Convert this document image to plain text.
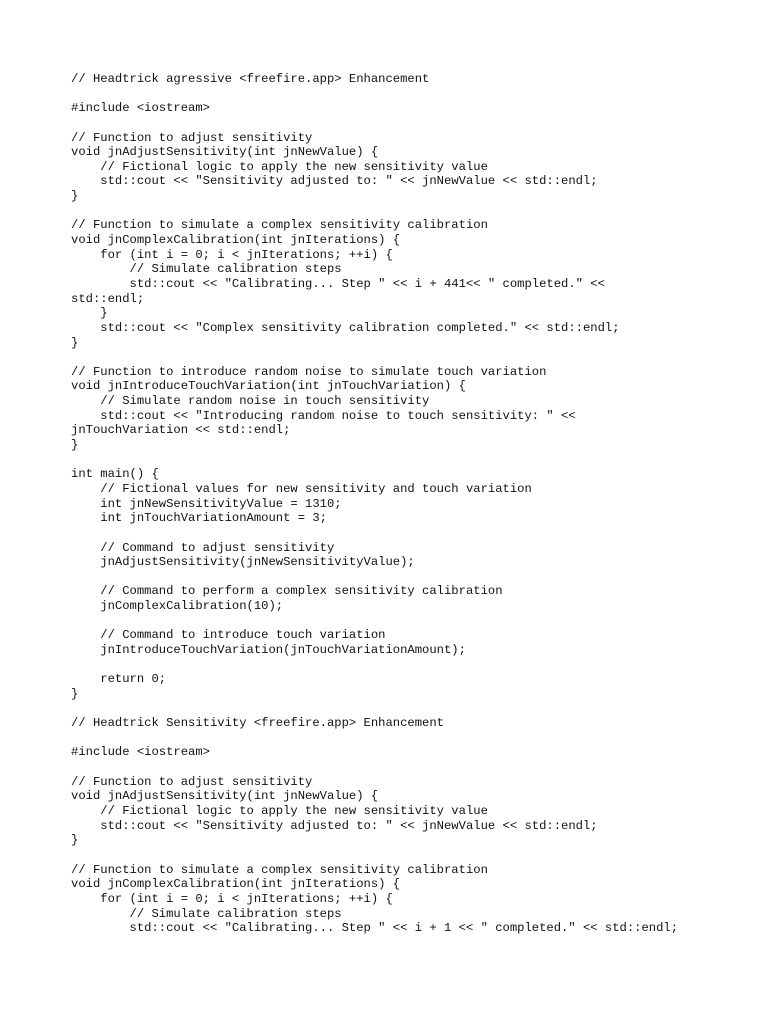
// Headtrick agressive <freefire.app> Enhancement
#include <iostream>
// Function to adjust sensitivity
void jnAdjustSensitivity(int jnNewValue) {
// Fictional logic to apply the new sensitivity value
std::cout << "Sensitivity adjusted to: " << jnNewValue << std::endl;
}
// Function to simulate a complex sensitivity calibration
void jnComplexCalibration(int jnIterations) {
for (int i = 0; i < jnIterations; ++i) {
// Simulate calibration steps
std::cout << "Calibrating... Step " << i + 441<< " completed." <<
std::endl;
}
std::cout << "Complex sensitivity calibration completed." << std::endl;
}
// Function to introduce random noise to simulate touch variation
void jnIntroduceTouchVariation(int jnTouchVariation) {
// Simulate random noise in touch sensitivity
std::cout << "Introducing random noise to touch sensitivity: " <<
jnTouchVariation << std::endl;
}
int main() {
// Fictional values for new sensitivity and touch variation
int jnNewSensitivityValue = 1310;
int jnTouchVariationAmount = 3;
// Command to adjust sensitivity
jnAdjustSensitivity(jnNewSensitivityValue);
// Command to perform a complex sensitivity calibration
jnComplexCalibration(10);
// Command to introduce touch variation
jnIntroduceTouchVariation(jnTouchVariationAmount);
return 0;
}
// Headtrick Sensitivity <freefire.app> Enhancement
#include <iostream>
// Function to adjust sensitivity
void jnAdjustSensitivity(int jnNewValue) {
// Fictional logic to apply the new sensitivity value
std::cout << "Sensitivity adjusted to: " << jnNewValue << std::endl;
}
// Function to simulate a complex sensitivity calibration
void jnComplexCalibration(int jnIterations) {
for (int i = 0; i < jnIterations; ++i) {
// Simulate calibration steps
std::cout << "Calibrating... Step " << i + 1 << " completed." << std::endl;
